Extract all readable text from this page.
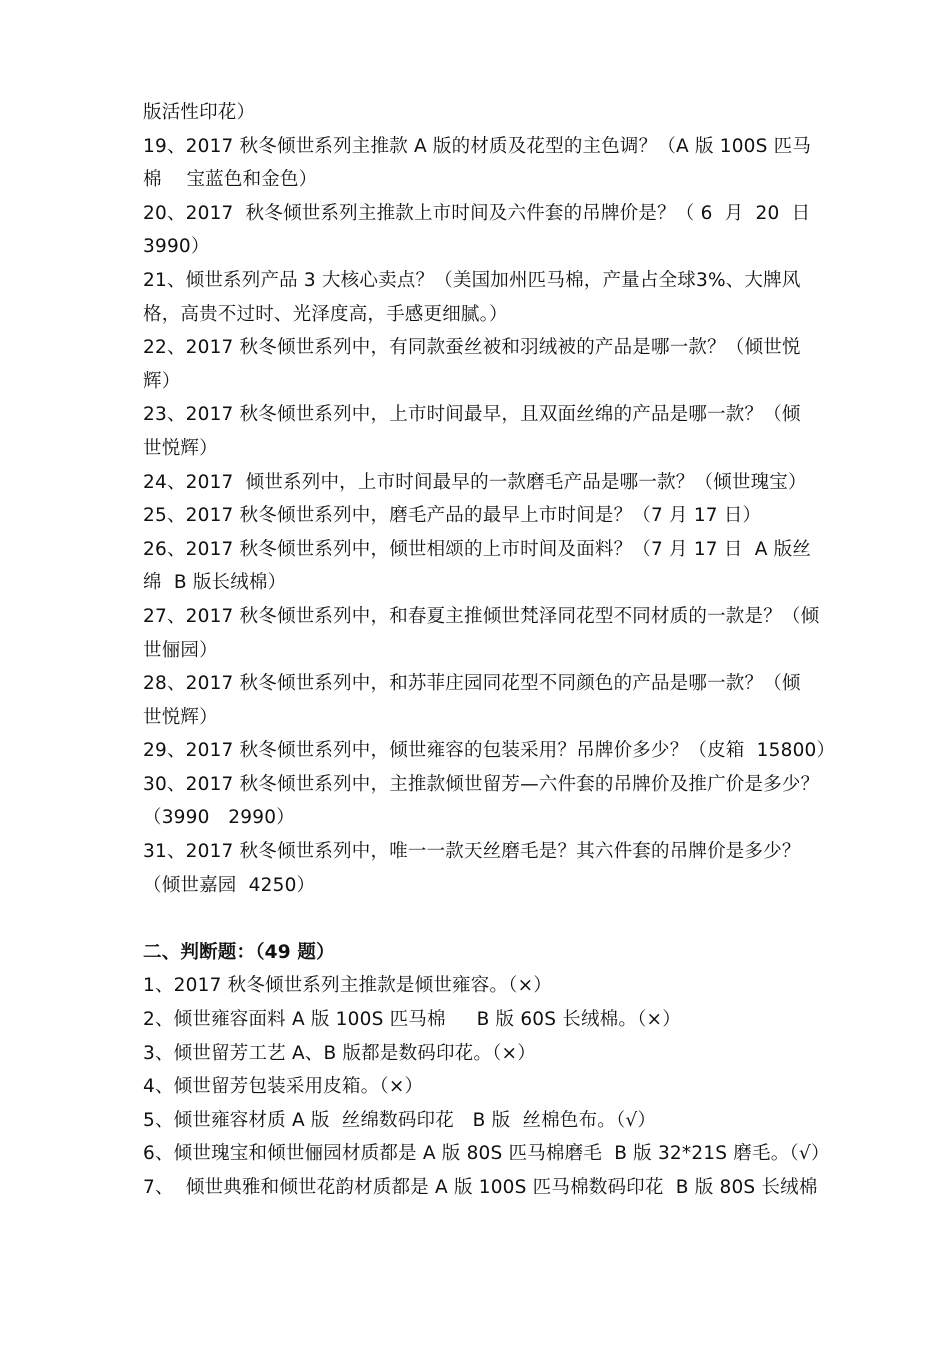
版活性印花）
19、2017 秋冬倾世系列主推款 A 版的材质及花型的主色调？（A 版 100S 匹马
棉　 宝蓝色和金色）
20、2017  秋冬倾世系列主推款上市时间及六件套的吊牌价是？（ 6  月  20  日
3990）
21、倾世系列产品 3 大核心卖点？（美国加州匹马棉，产量占全球3%、大牌风
格，高贵不过时、光泽度高，手感更细腻。）
22、2017 秋冬倾世系列中，有同款蚕丝被和羽绒被的产品是哪一款？（倾世悦
辉）
23、2017 秋冬倾世系列中，上市时间最早，且双面丝绵的产品是哪一款？（倾
世悦辉）
24、2017  倾世系列中，上市时间最早的一款磨毛产品是哪一款？（倾世瑰宝）
25、2017 秋冬倾世系列中，磨毛产品的最早上市时间是？（7 月 17 日）
26、2017 秋冬倾世系列中，倾世相颂的上市时间及面料？（7 月 17 日  A 版丝
绵  B 版长绒棉）
27、2017 秋冬倾世系列中，和春夏主推倾世梵泽同花型不同材质的一款是？（倾
世俪园）
28、2017 秋冬倾世系列中，和苏菲庄园同花型不同颜色的产品是哪一款？（倾
世悦辉）
29、2017 秋冬倾世系列中，倾世雍容的包装采用？吊牌价多少？（皮箱  15800）
30、2017 秋冬倾世系列中，主推款倾世留芳—六件套的吊牌价及推广价是多少？
（3990　2990）
31、2017 秋冬倾世系列中，唯一一款天丝磨毛是？其六件套的吊牌价是多少？
（倾世嘉园  4250）
二、判断题：（49 题）
1、2017 秋冬倾世系列主推款是倾世雍容。（×）
2、倾世雍容面料 A 版 100S 匹马棉　  B 版 60S 长绒棉。（×）
3、倾世留芳工艺 A、B 版都是数码印花。（×）
4、倾世留芳包装采用皮箱。（×）
5、倾世雍容材质 A 版  丝绵数码印花　B 版  丝棉色布。（√）
6、倾世瑰宝和倾世俪园材质都是 A 版 80S 匹马棉磨毛  B 版 32*21S 磨毛。（√）
7、  倾世典雅和倾世花韵材质都是 A 版 100S 匹马棉数码印花  B 版 80S 长绒棉
